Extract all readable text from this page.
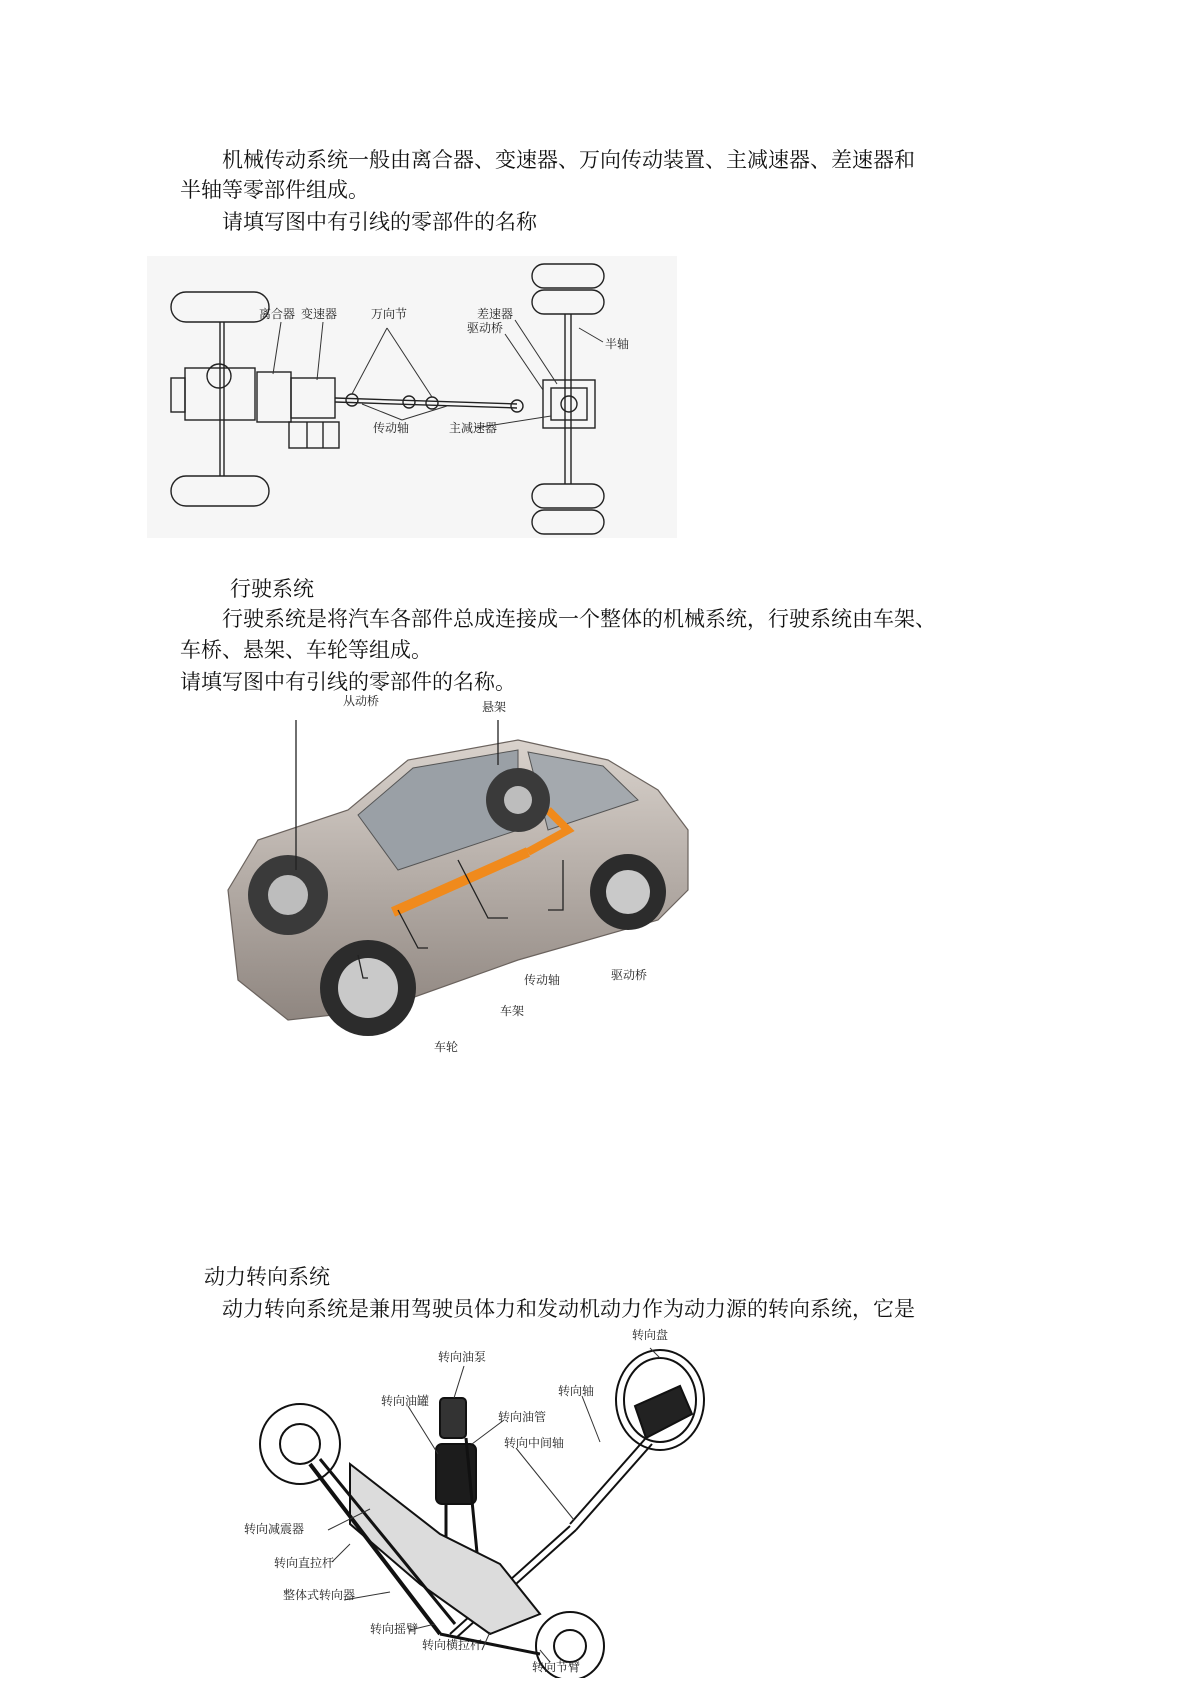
机械传动系统一般由离合器、变速器、万向传动装置、主减速器、差速器和
半轴等零部件组成。
请填写图中有引线的零部件的名称
离合器 变速器	万向节	差速器
驱动桥
半轴
传动轴	主减速器
行驶系统
行驶系统是将汽车各部件总成连接成一个整体的机械系统，行驶系统由车架、
车桥、悬架、车轮等组成。
请填写图中有引线的零部件的名称。
从动桥	悬架
传动轴	驱动桥
车架
车轮
动力转向系统
动力转向系统是兼用驾驶员体力和发动机动力作为动力源的转向系统，它是
转向盘
转向油泵
转向轴
转向油罐
转向油管
转向中间轴
转向减震器
转向直拉杆
整体式转向器
转向摇臂
转向横拉杆
转向节臂
